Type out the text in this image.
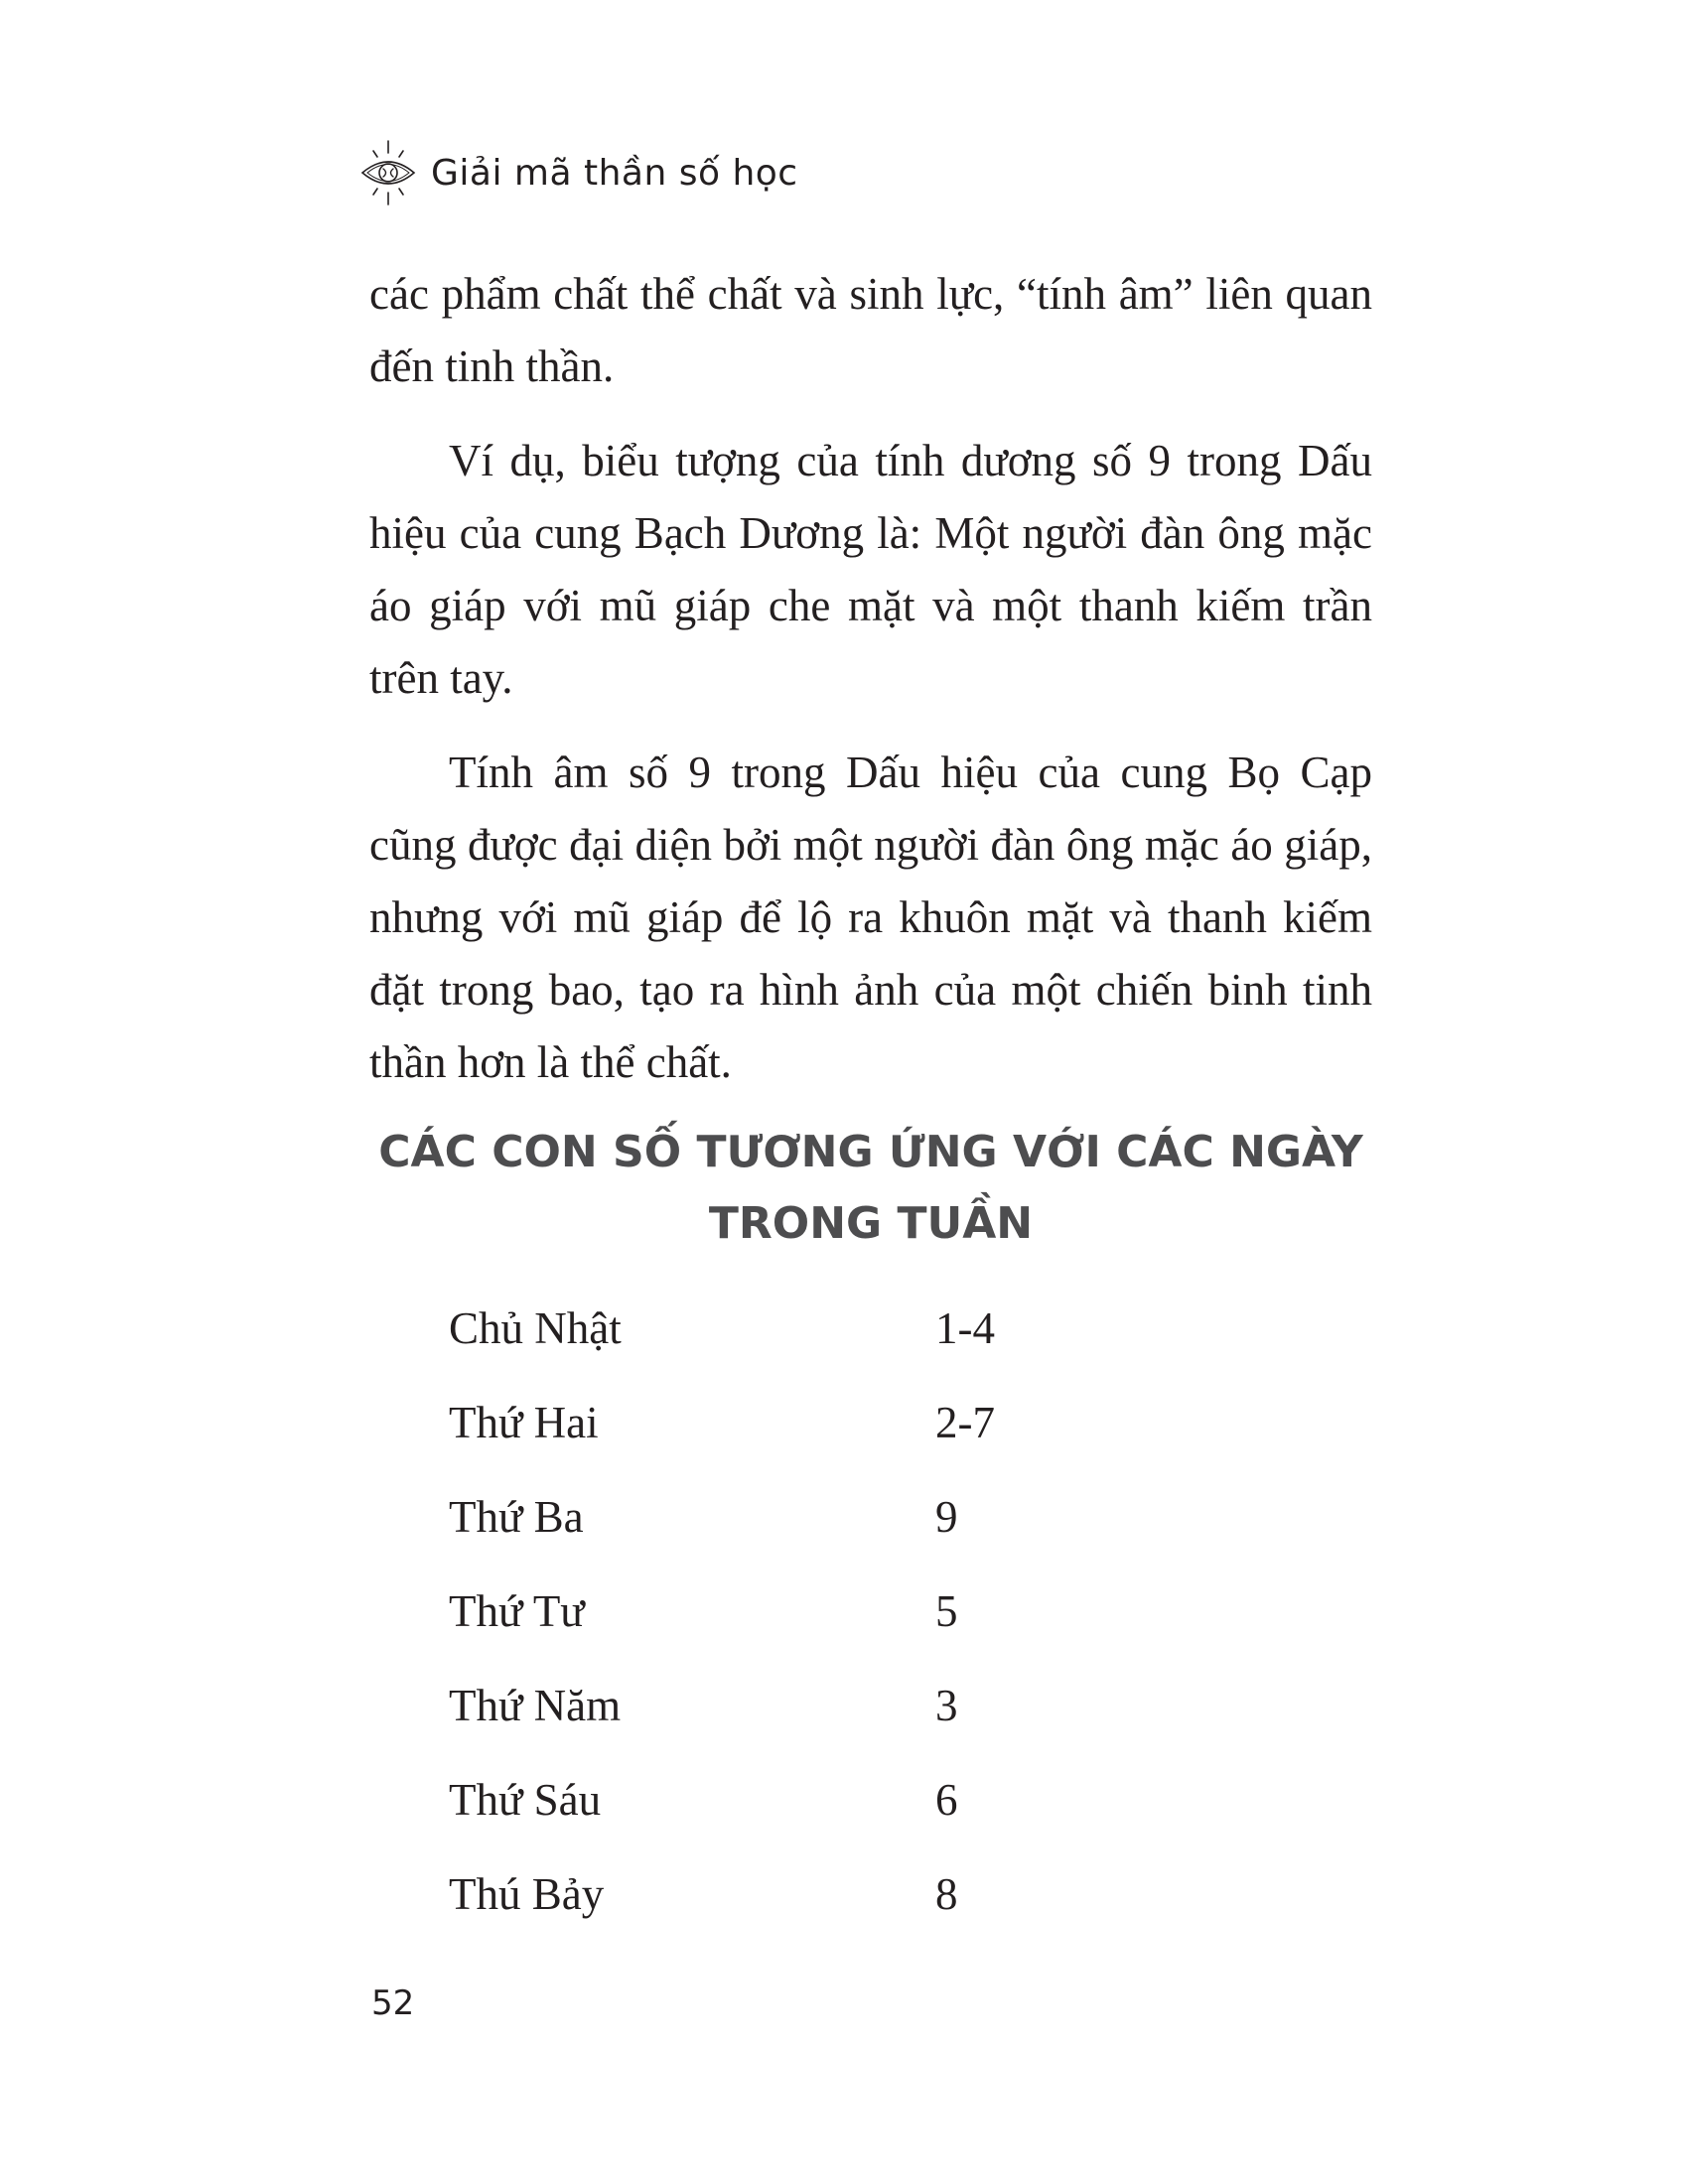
Giải mã thần số học

các phẩm chất thể chất và sinh lực, “tính âm” liên quan đến tinh thần.

Ví dụ, biểu tượng của tính dương số 9 trong Dấu hiệu của cung Bạch Dương là: Một người đàn ông mặc áo giáp với mũ giáp che mặt và một thanh kiếm trần trên tay.

Tính âm số 9 trong Dấu hiệu của cung Bọ Cạp cũng được đại diện bởi một người đàn ông mặc áo giáp, nhưng với mũ giáp để lộ ra khuôn mặt và thanh kiếm đặt trong bao, tạo ra hình ảnh của một chiến binh tinh thần hơn là thể chất.

CÁC CON SỐ TƯƠNG ỨNG VỚI CÁC NGÀY
TRONG TUẦN
Chủ Nhật	1-4
Thứ Hai	2-7
Thứ Ba	9
Thứ Tư	5
Thứ Năm	3
Thứ Sáu	6
Thú Bảy	8
52
